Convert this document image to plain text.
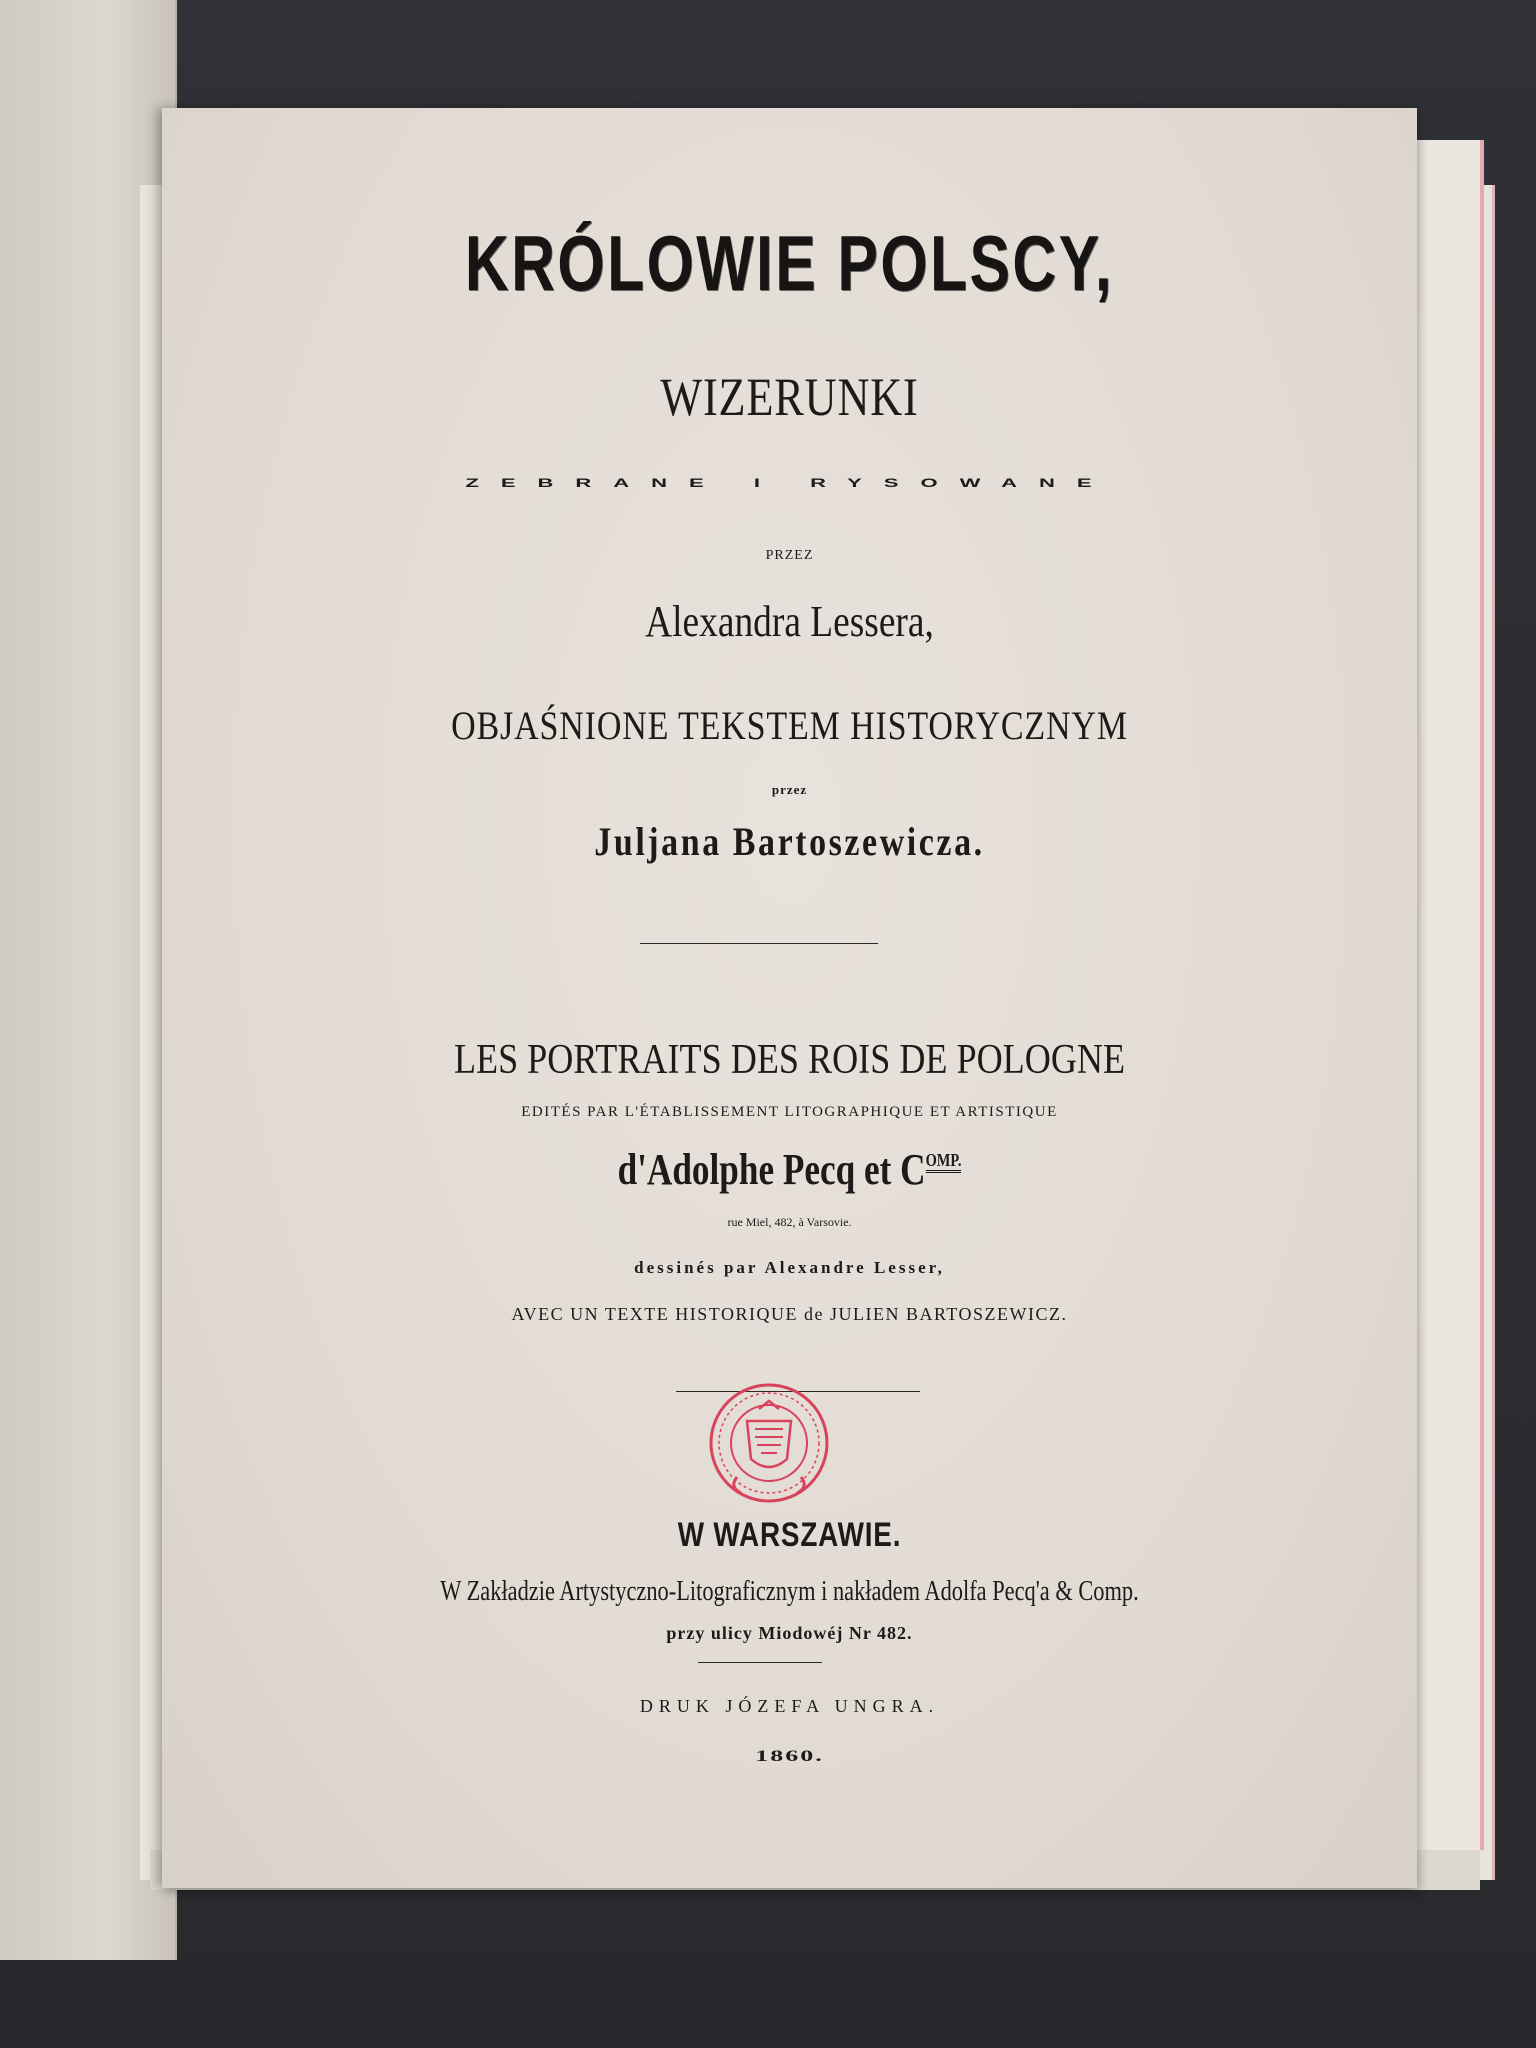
KRÓLOWIE POLSCY,
WIZERUNKI
ZEBRANE I RYSOWANE
PRZEZ
Alexandra Lessera,
OBJAŚNIONE TEKSTEM HISTORYCZNYM
przez
Juljana Bartoszewicza.
LES PORTRAITS DES ROIS DE POLOGNE
EDITÉS PAR L'ÉTABLISSEMENT LITOGRAPHIQUE ET ARTISTIQUE
d'Adolphe Pecq et $C^{OMP.}$
rue Miel, 482, à Varsovie.
dessinés par Alexandre Lesser,
AVEC UN TEXTE HISTORIQUE de JULIEN BARTOSZEWICZ.
W WARSZAWIE.
W Zakładzie Artystyczno-Litograficznym i nakładem Adolfa Pecq'a & Comp.
przy ulicy Miodowéj Nr 482.
DRUK JÓZEFA UNGRA.
1860.
